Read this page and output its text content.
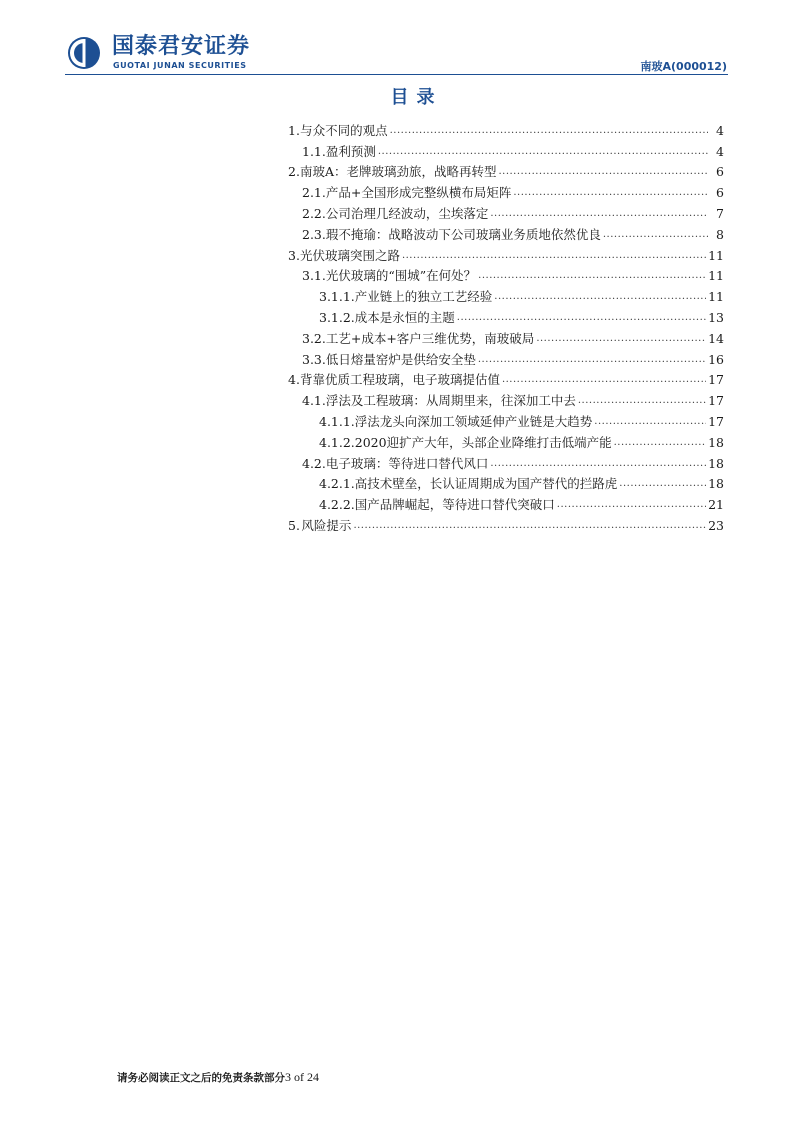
国泰君安证券
GUOTAI JUNAN SECURITIES	南玻A(000012)
目录
1. 与众不同的观点 .....	4
1.1. 盈利预测 .....	4
2. 南玻A：老牌玻璃劲旅，战略再转型 .....	6
2.1. 产品+全国形成完整纵横布局矩阵 .....	6
2.2. 公司治理几经波动，尘埃落定 .....	7
2.3. 瑕不掩瑜：战略波动下公司玻璃业务质地依然优良 .....	8
3. 光伏玻璃突围之路 .....	11
3.1. 光伏玻璃的“围城”在何处？ .....	11
3.1.1. 产业链上的独立工艺经验 .....	11
3.1.2. 成本是永恒的主题 .....	13
3.2. 工艺+成本+客户三维优势，南玻破局 .....	14
3.3. 低日熔量窑炉是供给安全垫 .....	16
4. 背靠优质工程玻璃，电子玻璃提估值 .....	17
4.1. 浮法及工程玻璃：从周期里来，往深加工中去 .....	17
4.1.1. 浮法龙头向深加工领域延伸产业链是大趋势 .....	17
4.1.2. 2020迎扩产大年，头部企业降维打击低端产能 .....	18
4.2. 电子玻璃：等待进口替代风口 .....	18
4.2.1. 高技术壁垒，长认证周期成为国产替代的拦路虎 .....	18
4.2.2. 国产品牌崛起，等待进口替代突破口 .....	21
5. 风险提示 .....	23
请务必阅读正文之后的免责条款部分3 of 24
